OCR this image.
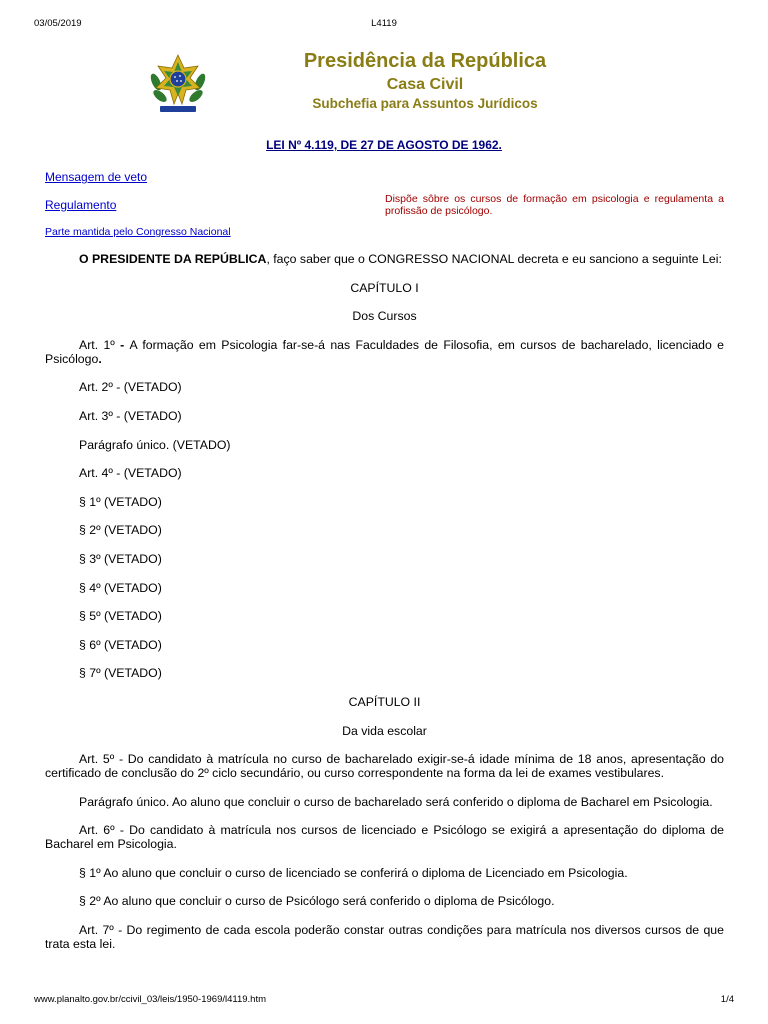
03/05/2019	L4119
Presidência da República
Casa Civil
Subchefia para Assuntos Jurídicos
LEI Nº 4.119, DE 27 DE AGOSTO DE 1962.
Mensagem de veto
Regulamento
Parte mantida pelo Congresso Nacional
Dispõe sôbre os cursos de formação em psicologia e regulamenta a profissão de psicólogo.

O PRESIDENTE DA REPÚBLICA, faço saber que o CONGRESSO NACIONAL decreta e eu sanciono a seguinte Lei:

CAPÍTULO I

Dos Cursos

Art. 1º - A formação em Psicologia far-se-á nas Faculdades de Filosofia, em cursos de bacharelado, licenciado e Psicólogo.

Art. 2º - (VETADO)

Art. 3º - (VETADO)

Parágrafo único. (VETADO)

Art. 4º - (VETADO)

§ 1º (VETADO)

§ 2º (VETADO)

§ 3º (VETADO)

§ 4º (VETADO)

§ 5º (VETADO)

§ 6º (VETADO)

§ 7º (VETADO)

CAPÍTULO II

Da vida escolar

Art. 5º - Do candidato à matrícula no curso de bacharelado exigir-se-á idade mínima de 18 anos, apresentação do certificado de conclusão do 2º ciclo secundário, ou curso correspondente na forma da lei de exames vestibulares.

Parágrafo único. Ao aluno que concluir o curso de bacharelado será conferido o diploma de Bacharel em Psicologia.

Art. 6º - Do candidato à matrícula nos cursos de licenciado e Psicólogo se exigirá a apresentação do diploma de Bacharel em Psicologia.

§ 1º Ao aluno que concluir o curso de licenciado se conferirá o diploma de Licenciado em Psicologia.

§ 2º Ao aluno que concluir o curso de Psicólogo será conferido o diploma de Psicólogo.

Art. 7º - Do regimento de cada escola poderão constar outras condições para matrícula nos diversos cursos de que trata esta lei.

www.planalto.gov.br/ccivil_03/leis/1950-1969/l4119.htm	1/4
